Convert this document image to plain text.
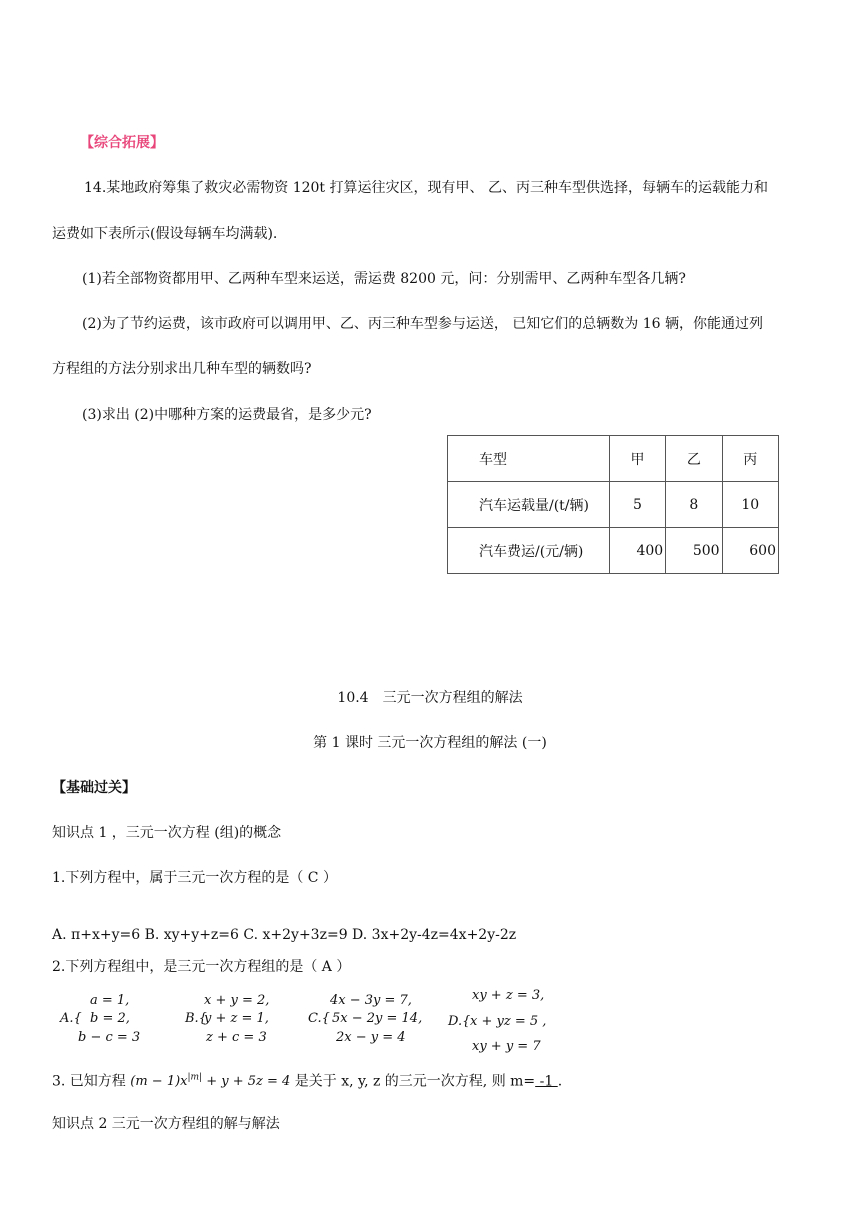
【综合拓展】
14.某地政府筹集了救灾必需物资 120t 打算运往灾区，现有甲、 乙、丙三种车型供选择，每辆车的运载能力和
运费如下表所示(假设每辆车均满载).
(1)若全部物资都用甲、乙两种车型来运送，需运费 8200 元，问：分别需甲、乙两种车型各几辆?
(2)为了节约运费，该市政府可以调用甲、乙、丙三种车型参与运送， 已知它们的总辆数为 16 辆，你能通过列
方程组的方法分别求出几种车型的辆数吗?
(3)求出 (2)中哪种方案的运费最省，是多少元?
车型	甲	乙	丙
汽车运载量/(t/辆)	5	8	10
汽车费运/(元/辆)	400	500	600
10.4　三元一次方程组的解法
第 1 课时 三元一次方程组的解法 (一)
【基础过关】
知识点 1 ，三元一次方程 (组)的概念
1.下列方程中，属于三元一次方程的是（ C ）
A. π+x+y=6 B. xy+y+z=6 C. x+2y+3z=9 D. 3x+2y-4z=4x+2y-2z
2.下列方程组中，是三元一次方程组的是（ A ）
A.{
a = 1,
b = 2,
b − c = 3
B.{
x + y = 2,
y + z = 1,
z + c = 3
C.{
4x − 3y = 7,
5x − 2y = 14,
2x − y = 4
D.{
xy + z = 3,
x + yz = 5 ,
xy + y = 7
3. 已知方程 $(m - 1)x^{|m|} + y + 5z = 4$ 是关于 x, y, z 的三元一次方程, 则 m= -1 .
知识点 2 三元一次方程组的解与解法
